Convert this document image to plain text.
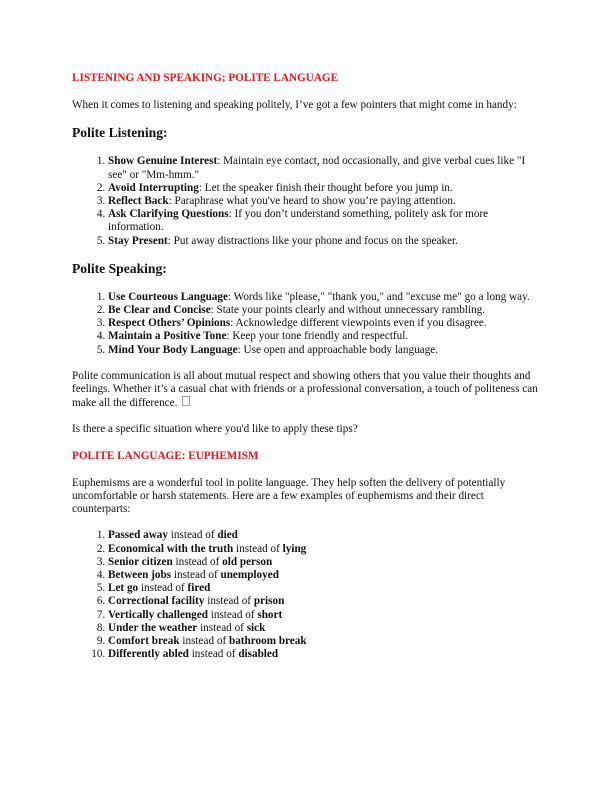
LISTENING AND SPEAKING; POLITE LANGUAGE

When it comes to listening and speaking politely, I’ve got a few pointers that might come in handy:

Polite Listening:
1. Show Genuine Interest: Maintain eye contact, nod occasionally, and give verbal cues like "I see" or "Mm-hmm."
2. Avoid Interrupting: Let the speaker finish their thought before you jump in.
3. Reflect Back: Paraphrase what you've heard to show you’re paying attention.
4. Ask Clarifying Questions: If you don’t understand something, politely ask for more information.
5. Stay Present: Put away distractions like your phone and focus on the speaker.
Polite Speaking:
1. Use Courteous Language: Words like "please," "thank you," and "excuse me" go a long way.
2. Be Clear and Concise: State your points clearly and without unnecessary rambling.
3. Respect Others’ Opinions: Acknowledge different viewpoints even if you disagree.
4. Maintain a Positive Tone: Keep your tone friendly and respectful.
5. Mind Your Body Language: Use open and approachable body language.

Polite communication is all about mutual respect and showing others that you value their thoughts and feelings. Whether it’s a casual chat with friends or a professional conversation, a touch of politeness can make all the difference.

Is there a specific situation where you'd like to apply these tips?

POLITE LANGUAGE: EUPHEMISM

Euphemisms are a wonderful tool in polite language. They help soften the delivery of potentially uncomfortable or harsh statements. Here are a few examples of euphemisms and their direct counterparts:

1. Passed away instead of died
2. Economical with the truth instead of lying
3. Senior citizen instead of old person
4. Between jobs instead of unemployed
5. Let go instead of fired
6. Correctional facility instead of prison
7. Vertically challenged instead of short
8. Under the weather instead of sick
9. Comfort break instead of bathroom break
10. Differently abled instead of disabled
